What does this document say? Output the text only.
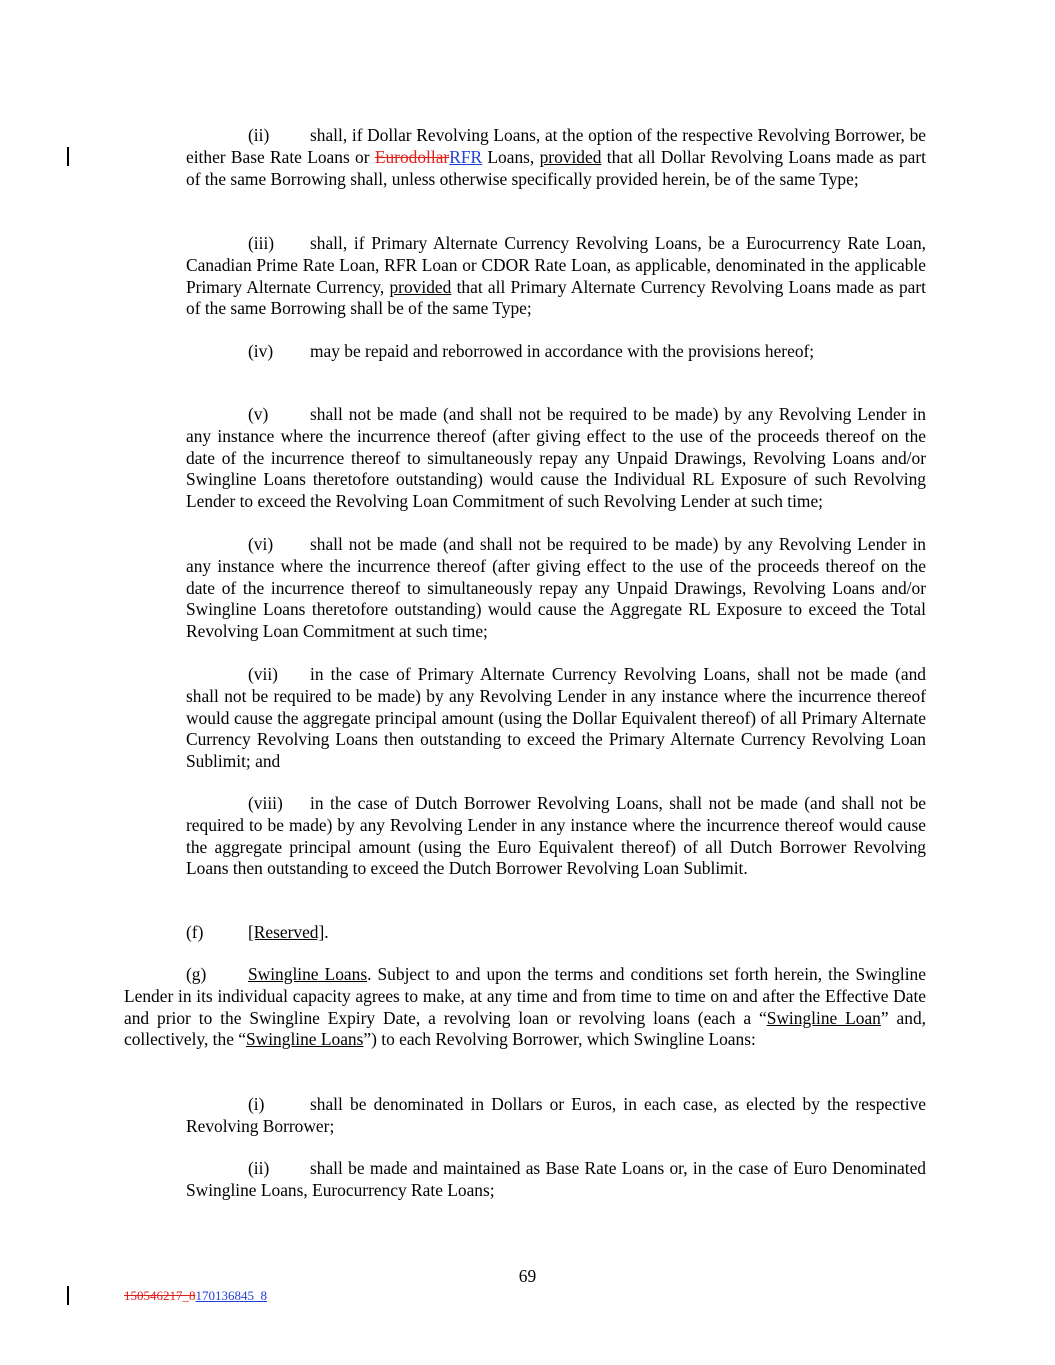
(ii) shall, if Dollar Revolving Loans, at the option of the respective Revolving Borrower, be either Base Rate Loans or EurodollarRFR Loans, provided that all Dollar Revolving Loans made as part of the same Borrowing shall, unless otherwise specifically provided herein, be of the same Type;

(iii) shall, if Primary Alternate Currency Revolving Loans, be a Eurocurrency Rate Loan, Canadian Prime Rate Loan, RFR Loan or CDOR Rate Loan, as applicable, denominated in the applicable Primary Alternate Currency, provided that all Primary Alternate Currency Revolving Loans made as part of the same Borrowing shall be of the same Type;

(iv) may be repaid and reborrowed in accordance with the provisions hereof;

(v) shall not be made (and shall not be required to be made) by any Revolving Lender in any instance where the incurrence thereof (after giving effect to the use of the proceeds thereof on the date of the incurrence thereof to simultaneously repay any Unpaid Drawings, Revolving Loans and/or Swingline Loans theretofore outstanding) would cause the Individual RL Exposure of such Revolving Lender to exceed the Revolving Loan Commitment of such Revolving Lender at such time;

(vi) shall not be made (and shall not be required to be made) by any Revolving Lender in any instance where the incurrence thereof (after giving effect to the use of the proceeds thereof on the date of the incurrence thereof to simultaneously repay any Unpaid Drawings, Revolving Loans and/or Swingline Loans theretofore outstanding) would cause the Aggregate RL Exposure to exceed the Total Revolving Loan Commitment at such time;

(vii) in the case of Primary Alternate Currency Revolving Loans, shall not be made (and shall not be required to be made) by any Revolving Lender in any instance where the incurrence thereof would cause the aggregate principal amount (using the Dollar Equivalent thereof) of all Primary Alternate Currency Revolving Loans then outstanding to exceed the Primary Alternate Currency Revolving Loan Sublimit; and

(viii) in the case of Dutch Borrower Revolving Loans, shall not be made (and shall not be required to be made) by any Revolving Lender in any instance where the incurrence thereof would cause the aggregate principal amount (using the Euro Equivalent thereof) of all Dutch Borrower Revolving Loans then outstanding to exceed the Dutch Borrower Revolving Loan Sublimit.

(f)	[Reserved].

(g) Swingline Loans. Subject to and upon the terms and conditions set forth herein, the Swingline Lender in its individual capacity agrees to make, at any time and from time to time on and after the Effective Date and prior to the Swingline Expiry Date, a revolving loan or revolving loans (each a “Swingline Loan” and, collectively, the “Swingline Loans”) to each Revolving Borrower, which Swingline Loans:

(i)	shall be denominated in Dollars or Euros, in each case, as elected by the respective Revolving Borrower;

(ii) shall be made and maintained as Base Rate Loans or, in the case of Euro Denominated Swingline Loans, Eurocurrency Rate Loans;

69
150546217_8170136845_8
